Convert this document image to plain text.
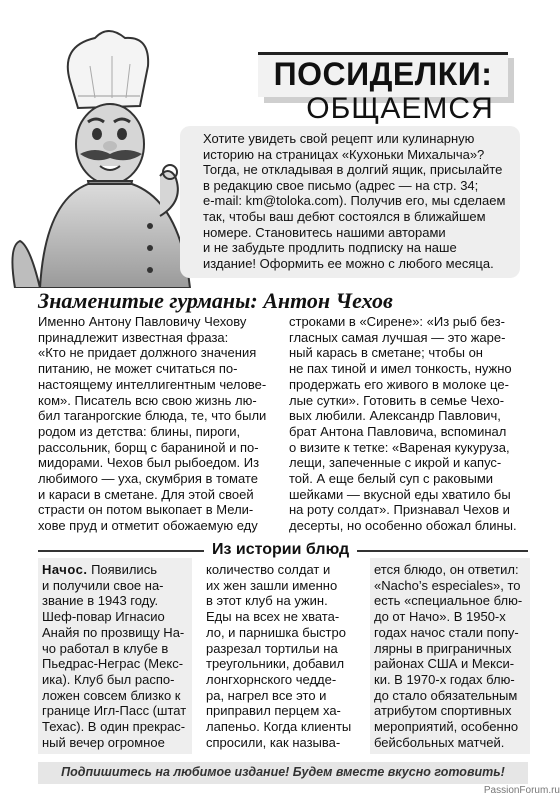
ПОСИДЕЛКИ:
ОБЩАЕМСЯ
Хотите увидеть свой рецепт или кулинарную
историю на страницах «Кухоньки Михалыча»?
Тогда, не откладывая в долгий ящик, присылайте
в редакцию свое письмо (адрес — на стр. 34;
e-mail: km@toloka.com). Получив его, мы сделаем
так, чтобы ваш дебют состоялся в ближайшем
номере. Становитесь нашими авторами
и не забудьте продлить подписку на наше
издание! Оформить ее можно с любого месяца.
Знаменитые гурманы: Антон Чехов
Именно Антону Павловичу Чехову
принадлежит известная фраза:
«Кто не придает должного значения
питанию, не может считаться по-
настоящему интеллигентным челове-
ком». Писатель всю свою жизнь лю-
бил таганрогские блюда, те, что были
родом из детства: блины, пироги,
рассольник, борщ с бараниной и по-
мидорами. Чехов был рыбоедом. Из
любимого — уха, скумбрия в томате
и караси в сметане. Для этой своей
страсти он потом выкопает в Мели-
хове пруд и отметит обожаемую еду
строками в «Сирене»: «Из рыб без-
гласных самая лучшая — это жаре-
ный карась в сметане; чтобы он
не пах тиной и имел тонкость, нужно
продержать его живого в молоке це-
лые сутки». Готовить в семье Чехо-
вых любили. Александр Павлович,
брат Антона Павловича, вспоминал
о визите к тетке: «Вареная кукуруза,
лещи, запеченные с икрой и капус-
той. А еще белый суп с раковыми
шейками — вкусной еды хватило бы
на роту солдат». Признавал Чехов и
десерты, но особенно обожал блины.
Из истории блюд
Начос. Появились
и получили свое на-
звание в 1943 году.
Шеф-повар Игнасио
Анайя по прозвищу На-
чо работал в клубе в
Пьедрас-Неграс (Мекс-
ика). Клуб был распо-
ложен совсем близко к
границе Игл-Пасс (штат
Техас). В один прекрас-
ный вечер огромное
количество солдат и
их жен зашли именно
в этот клуб на ужин.
Еды на всех не хвата-
ло, и парнишка быстро
разрезал тортильи на
треугольники, добавил
лонгхорнского чедде-
ра, нагрел все это и
приправил перцем ха-
лапеньо. Когда клиенты
спросили, как называ-
ется блюдо, он ответил:
«Nacho’s especiales», то
есть «специальное блю-
до от Начо». В 1950-х
годах начос стали попу-
лярны в приграничных
районах США и Мекси-
ки. В 1970-х годах блю-
до стало обязательным
атрибутом спортивных
мероприятий, особенно
бейсбольных матчей.
Подпишитесь на любимое издание! Будем вместе вкусно готовить!
PassionForum.ru
